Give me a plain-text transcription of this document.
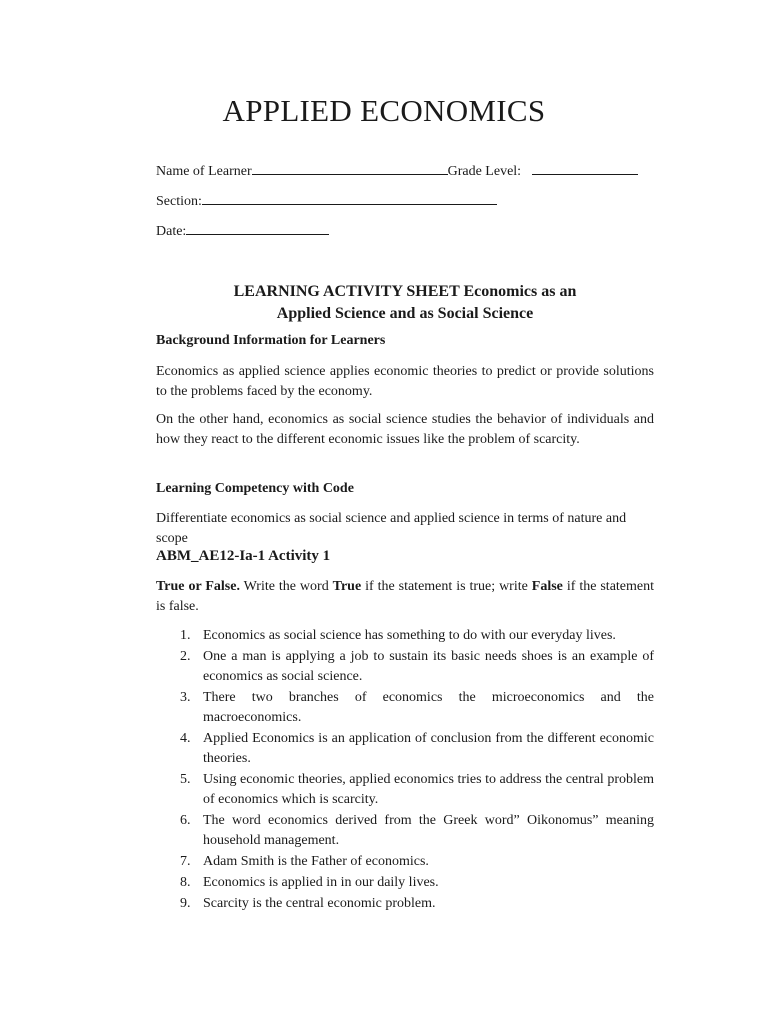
APPLIED ECONOMICS
Name of Learner	Grade Level:
Section:
Date:
LEARNING ACTIVITY SHEET Economics as an
Applied Science and as Social Science
Background Information for Learners

Economics as applied science applies economic theories to predict or provide solutions to the problems faced by the economy.

On the other hand, economics as social science studies the behavior of individuals and how they react to the different economic issues like the problem of scarcity.

Learning Competency with Code

Differentiate economics as social science and applied science in terms of nature and scope

ABM_AE12-Ia-1 Activity 1

True or False. Write the word True if the statement is true; write False if the statement is false.

1. Economics as social science has something to do with our everyday lives.
2. One a man is applying a job to sustain its basic needs shoes is an example of economics as social science.
3. There two branches of economics the microeconomics and the macroeconomics.
4. Applied Economics is an application of conclusion from the different economic theories.
5. Using economic theories, applied economics tries to address the central problem of economics which is scarcity.
6. The word economics derived from the Greek word” Oikonomus” meaning household management.
7. Adam Smith is the Father of economics.
8. Economics is applied in in our daily lives.
9. Scarcity is the central economic problem.
